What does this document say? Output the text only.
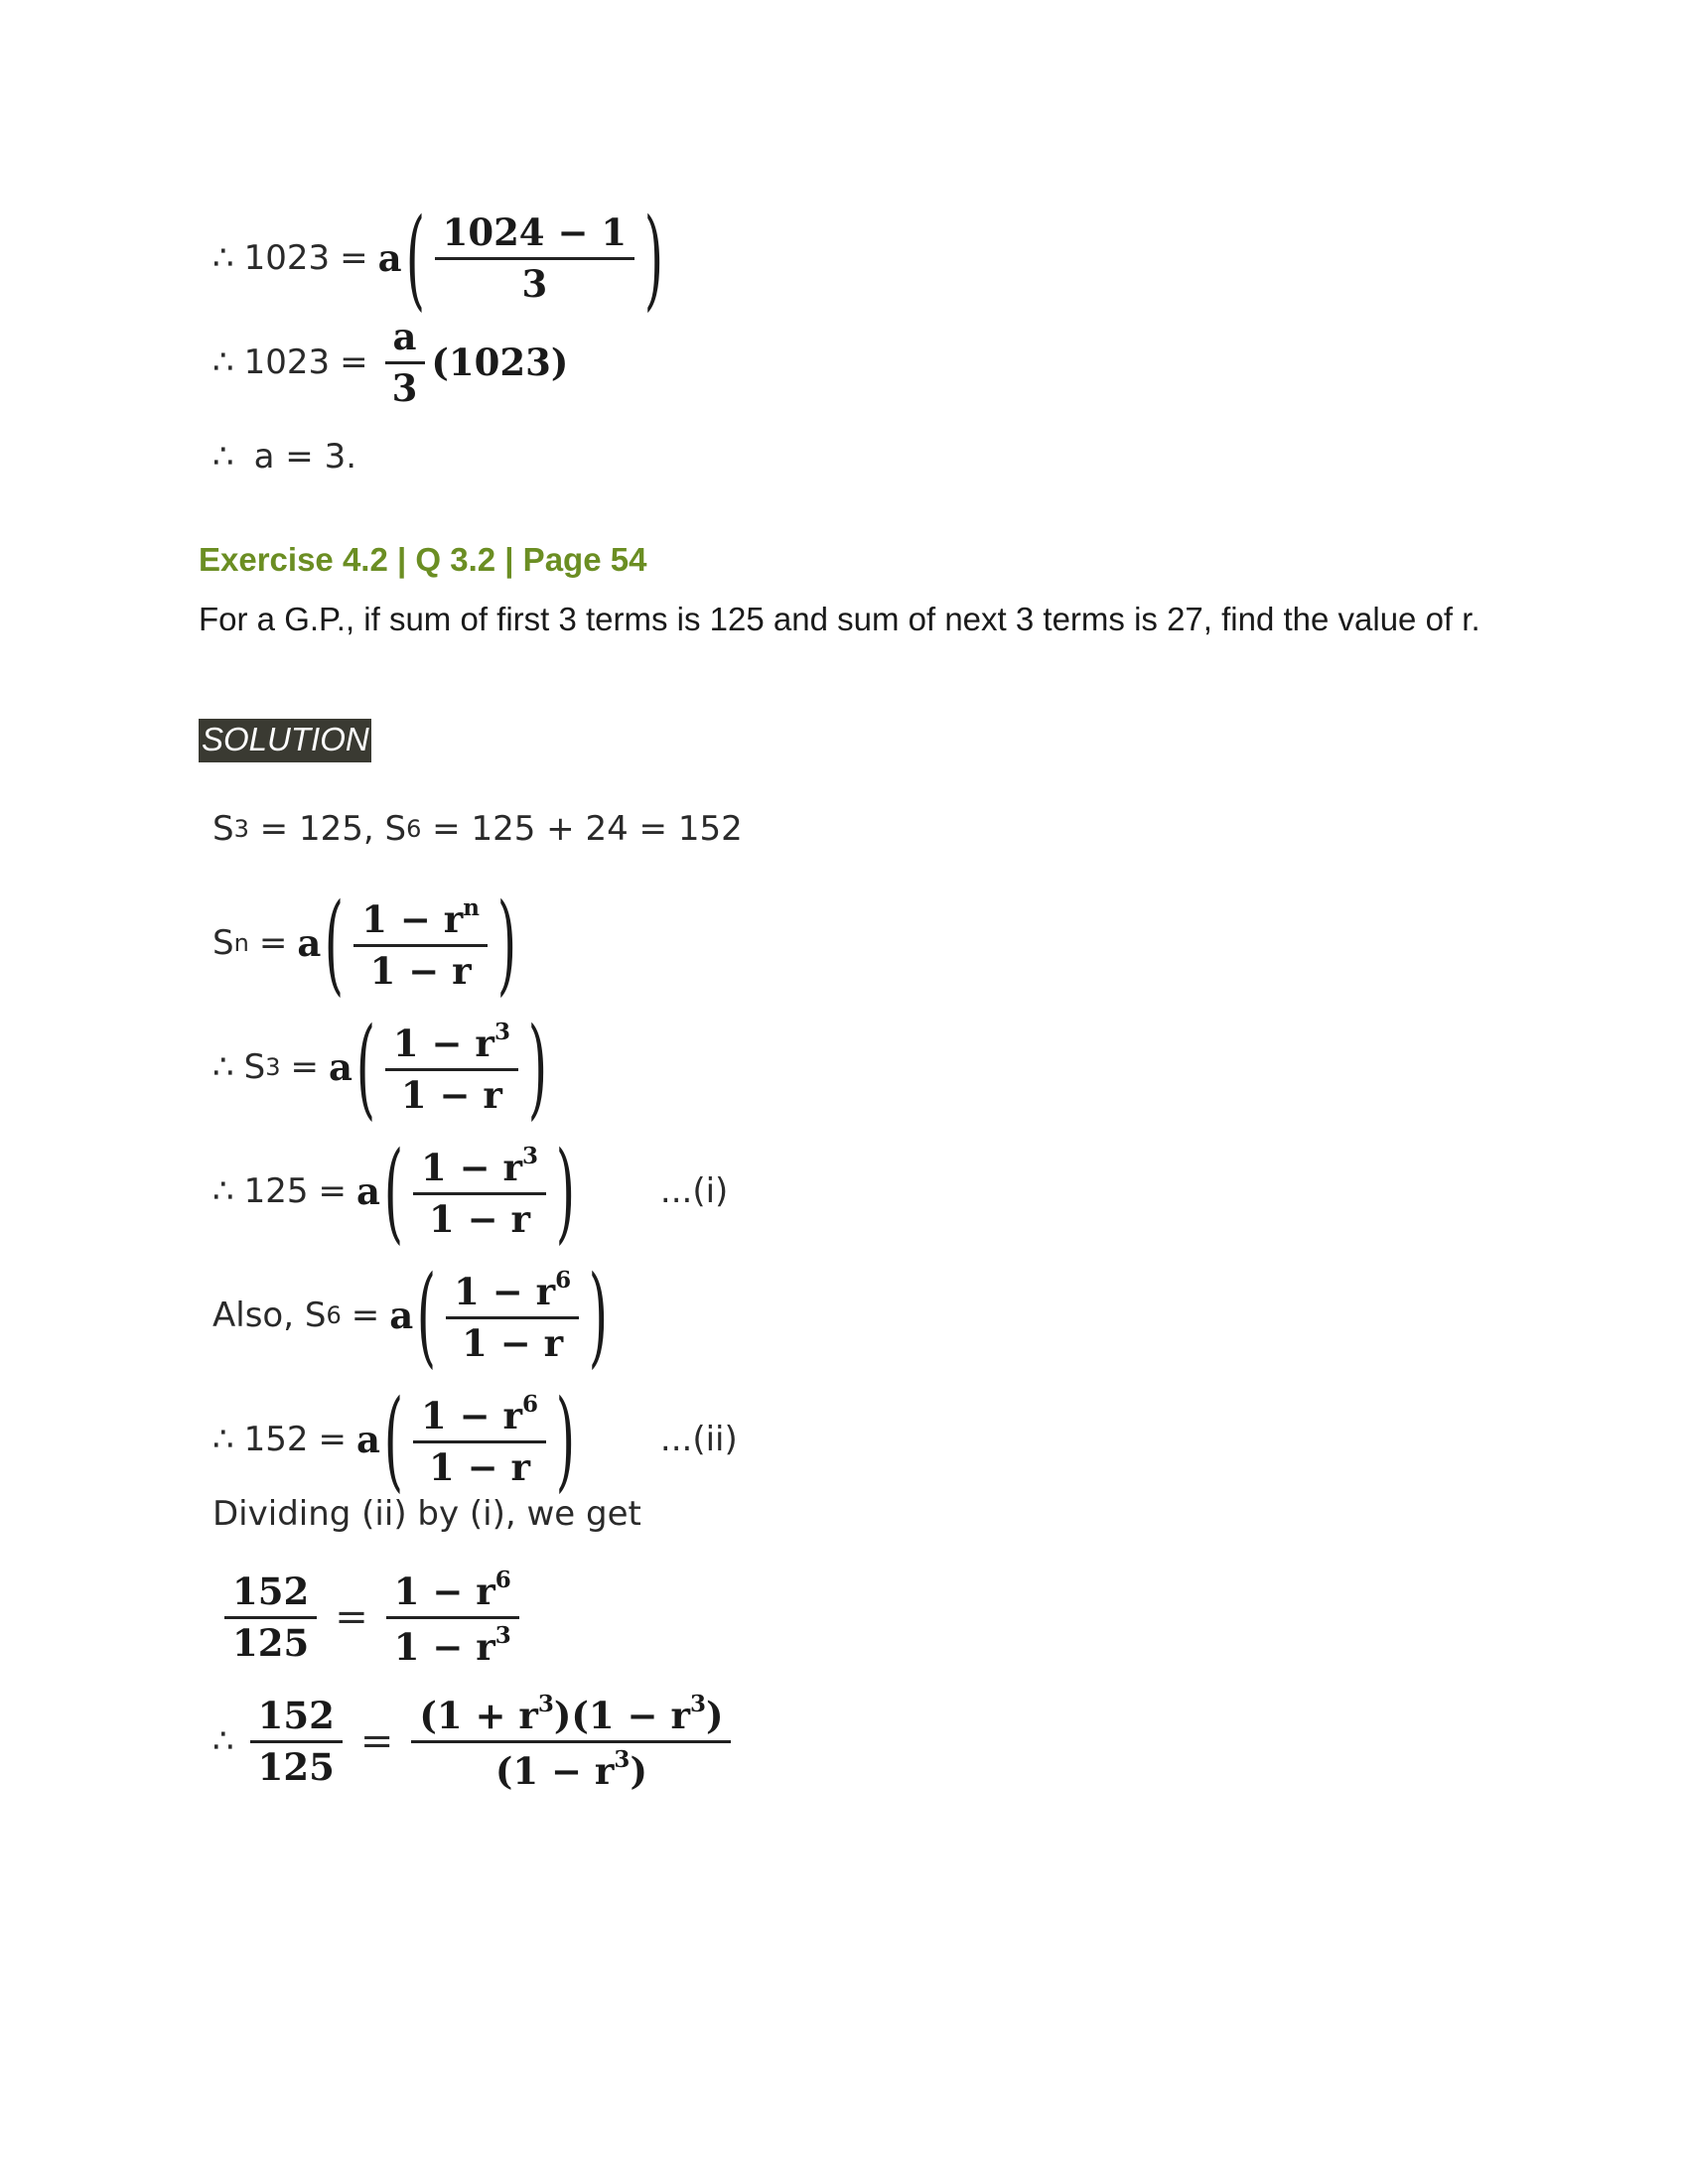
∴ 1023 = a ( $\frac{1024 - 1}{3}$ )
∴ $1023 = \frac{a}{3} (1023)$
∴ a = 3.
Exercise 4.2 | Q 3.2 | Page 54
For a G.P., if sum of first 3 terms is 125 and sum of next 3 terms is 27, find the value of r.
SOLUTION
S 3 = 125, S 6 = 125 + 24 = 152
S n = a ( $\frac{1 - r^n}{1 - r}$ )
∴ S 3 = a ( $\frac{1 - r^3}{1 - r}$ )
∴ 125 = a ( $\frac{1 - r^3}{1 - r}$ )	...(i)
Also, S 6 = a ( $\frac{1 - r^6}{1 - r}$ )
∴ 152 = a ( $\frac{1 - r^6}{1 - r}$ )	...(ii)
Dividing (ii) by (i), we get
$\frac{152}{125} = \frac{1 - r^6}{1 - r^3}$
∴ $\frac{152}{125} = \frac{(1 + r^3)(1 - r^3)}{(1 - r^3)}$
